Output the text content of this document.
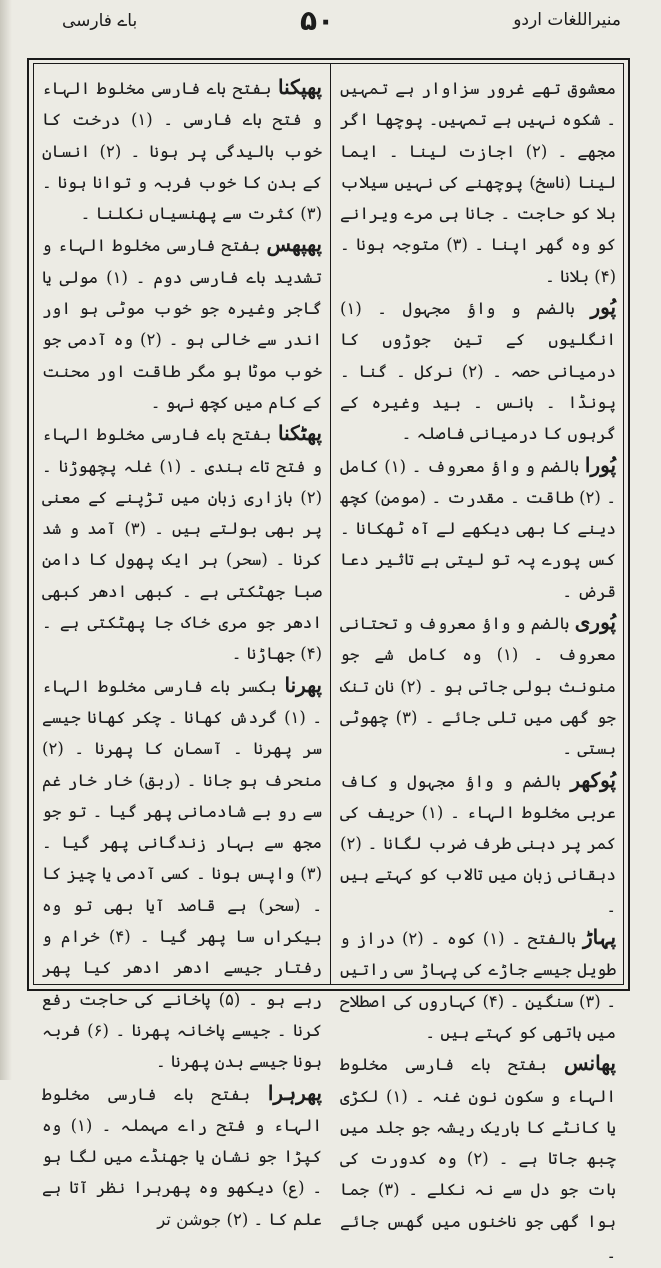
باے فارسی	۵۰	منیراللغات اردو

معشوق تھے غرور سزاوار ہے تمہیں ۔ شکوہ نہیں ہے تمہیں۔ پوچھا اگر مجھے ۔ (۲) اجازت لینا ۔ ایما لینا (ناسخ) پوچھنے کی نہیں سیلاب بلا کو حاجت ۔ جانا ہی مرے ویرانے کو وہ گھر اپنا ۔ (۳) متوجہ ہونا ۔ (۴) بلانا ۔

پُور بالضم و واؤ مجہول ۔ (۱) انگلیوں کے تین جوڑوں کا درمیانی حصہ ۔ (۲) نرکل ۔ گنا ۔ پونڈا ۔ بانس ۔ بید وغیرہ کے گرہوں کا درمیانی فاصلہ ۔

پُورا بالضم و واؤ معروف ۔ (۱) کامل ۔ (۲) طاقت ۔ مقدرت ۔ (مومن) کچھ دینے کا بھی دیکھے لے آہ ٹھکانا ۔ کس پورے پہ تو لیتی ہے تاثیر دعا قرض ۔

پُوری بالضم و واؤ معروف و تحتانی معروف ۔ (۱) وہ کامل شے جو منونث بولی جاتی ہو ۔ (۲) نان تنک جو گھی میں تلی جائے ۔ (۳) چھوٹی بستی ۔

پُوکھر بالضم و واؤ مجہول و کاف عربی مخلوط الہاء ۔ (۱) حریف کی کمر پر دہنی طرف ضرب لگانا ۔ (۲) دہقانی زبان میں تالاب کو کہتے ہیں ۔

پہاڑ بالفتح ۔ (۱) کوہ ۔ (۲) دراز و طویل جیسے جاڑے کی پہاڑ سی راتیں ۔ (۳) سنگین ۔ (۴) کہاروں کی اصطلاح میں ہاتھی کو کہتے ہیں ۔

پھانس بفتح باے فارسی مخلوط الہاء و سکون نون غنہ ۔ (۱) لکڑی یا کانٹے کا باریک ریشہ جو جلد میں چبھ جاتا ہے ۔ (۲) وہ کدورت کی بات جو دل سے نہ نکلے ۔ (۳) جما ہوا گھی جو ناخنوں میں گھس جائے ۔

پھپکنا بفتح باے فارسی مخلوط الہاء و فتح باے فارسی ۔ (۱) درخت کا خوب بالیدگی پر ہونا ۔ (۲) انسان کے بدن کا خوب فربہ و توانا ہونا ۔ (۳) کثرت سے پھنسیاں نکلنا ۔

پھپھس بفتح فارسی مخلوط الہاء و تشدید باے فارسی دوم ۔ (۱) مولی یا گاجر وغیرہ جو خوب موٹی ہو اور اندر سے خالی ہو ۔ (۲) وہ آدمی جو خوب موٹا ہو مگر طاقت اور محنت کے کام میں کچھ نہو ۔

پھٹکنا بفتح باے فارسی مخلوط الہاء و فتح تاے ہندی ۔ (۱) غلہ پچھوڑنا ۔ (۲) بازاری زبان میں تڑپنے کے معنی پر بھی بولتے ہیں ۔ (۳) آمد و شد کرنا ۔ (سحر) ہر ایک پھول کا دامن صبا جھٹکتی ہے ۔ کبھی ادھر کبھی ادھر جو مری خاک جا پھٹکتی ہے ۔ (۴) جھاڑنا ۔

پھرنا بکسر باے فارسی مخلوط الہاء ۔ (۱) گردش کھانا ۔ چکر کھانا جیسے سر پھرنا ۔ آسمان کا پھرنا ۔ (۲) منحرف ہو جانا ۔ (ربق) خار خار غم سے رو بے شادمانی پھر گیا ۔ تو جو مجھ سے بہار زندگانی پھر گیا ۔ (۳) واپس ہونا ۔ کسی آدمی یا چیز کا ۔ (سحر) ہے قاصد آیا بھی تو وہ بیکراں سا پھر گیا ۔ (۴) خرام و رفتار جیسے ادھر ادھر کیا پھر رہے ہو ۔ (۵) پاخانے کی حاجت رفع کرنا ۔ جیسے پاخانہ پھرنا ۔ (۶) فربہ ہونا جیسے بدن پھرنا ۔

پھرہرا بفتح باے فارسی مخلوط الہاء و فتح راے مہملہ ۔ (۱) وہ کپڑا جو نشان یا جھنڈے میں لگا ہو ۔ (ع) دیکھو وہ پھرہرا نظر آتا ہے علم کا ۔ (۲) جوشن تر
